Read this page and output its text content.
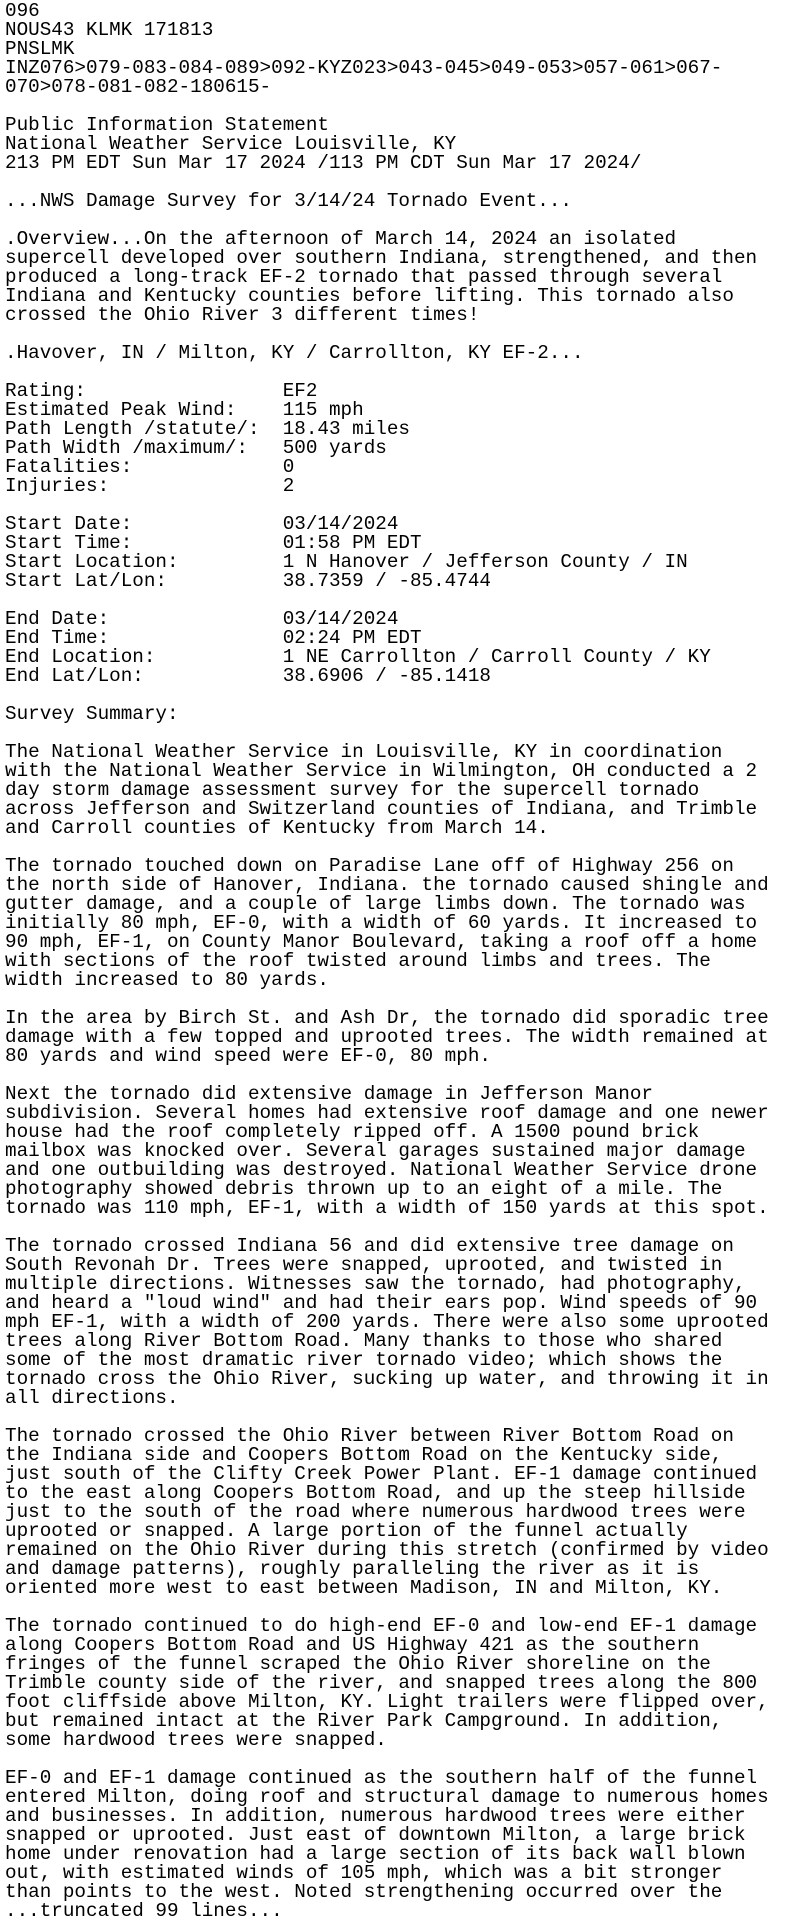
096
NOUS43 KLMK 171813
PNSLMK
INZ076>079-083-084-089>092-KYZ023>043-045>049-053>057-061>067-
070>078-081-082-180615-
Public Information Statement
National Weather Service Louisville, KY
213 PM EDT Sun Mar 17 2024 /113 PM CDT Sun Mar 17 2024/
...NWS Damage Survey for 3/14/24 Tornado Event...
.Overview...On the afternoon of March 14, 2024 an isolated
supercell developed over southern Indiana, strengthened, and then
produced a long-track EF-2 tornado that passed through several
Indiana and Kentucky counties before lifting. This tornado also
crossed the Ohio River 3 different times!
.Havover, IN / Milton, KY / Carrollton, KY EF-2...
Rating:                 EF2
Estimated Peak Wind:    115 mph
Path Length /statute/:  18.43 miles
Path Width /maximum/:   500 yards
Fatalities:             0
Injuries:               2
Start Date:             03/14/2024
Start Time:             01:58 PM EDT
Start Location:         1 N Hanover / Jefferson County / IN
Start Lat/Lon:          38.7359 / -85.4744
End Date:               03/14/2024
End Time:               02:24 PM EDT
End Location:           1 NE Carrollton / Carroll County / KY
End Lat/Lon:            38.6906 / -85.1418
Survey Summary:
The National Weather Service in Louisville, KY in coordination
with the National Weather Service in Wilmington, OH conducted a 2
day storm damage assessment survey for the supercell tornado
across Jefferson and Switzerland counties of Indiana, and Trimble
and Carroll counties of Kentucky from March 14.
The tornado touched down on Paradise Lane off of Highway 256 on
the north side of Hanover, Indiana. the tornado caused shingle and
gutter damage, and a couple of large limbs down. The tornado was
initially 80 mph, EF-0, with a width of 60 yards. It increased to
90 mph, EF-1, on County Manor Boulevard, taking a roof off a home
with sections of the roof twisted around limbs and trees. The
width increased to 80 yards.
In the area by Birch St. and Ash Dr, the tornado did sporadic tree
damage with a few topped and uprooted trees. The width remained at
80 yards and wind speed were EF-0, 80 mph.
Next the tornado did extensive damage in Jefferson Manor
subdivision. Several homes had extensive roof damage and one newer
house had the roof completely ripped off. A 1500 pound brick
mailbox was knocked over. Several garages sustained major damage
and one outbuilding was destroyed. National Weather Service drone
photography showed debris thrown up to an eight of a mile. The
tornado was 110 mph, EF-1, with a width of 150 yards at this spot.
The tornado crossed Indiana 56 and did extensive tree damage on
South Revonah Dr. Trees were snapped, uprooted, and twisted in
multiple directions. Witnesses saw the tornado, had photography,
and heard a "loud wind" and had their ears pop. Wind speeds of 90
mph EF-1, with a width of 200 yards. There were also some uprooted
trees along River Bottom Road. Many thanks to those who shared
some of the most dramatic river tornado video; which shows the
tornado cross the Ohio River, sucking up water, and throwing it in
all directions.
The tornado crossed the Ohio River between River Bottom Road on
the Indiana side and Coopers Bottom Road on the Kentucky side,
just south of the Clifty Creek Power Plant. EF-1 damage continued
to the east along Coopers Bottom Road, and up the steep hillside
just to the south of the road where numerous hardwood trees were
uprooted or snapped. A large portion of the funnel actually
remained on the Ohio River during this stretch (confirmed by video
and damage patterns), roughly paralleling the river as it is
oriented more west to east between Madison, IN and Milton, KY.
The tornado continued to do high-end EF-0 and low-end EF-1 damage
along Coopers Bottom Road and US Highway 421 as the southern
fringes of the funnel scraped the Ohio River shoreline on the
Trimble county side of the river, and snapped trees along the 800
foot cliffside above Milton, KY. Light trailers were flipped over,
but remained intact at the River Park Campground. In addition,
some hardwood trees were snapped.
EF-0 and EF-1 damage continued as the southern half of the funnel
entered Milton, doing roof and structural damage to numerous homes
and businesses. In addition, numerous hardwood trees were either
snapped or uprooted. Just east of downtown Milton, a large brick
home under renovation had a large section of its back wall blown
out, with estimated winds of 105 mph, which was a bit stronger
than points to the west. Noted strengthening occurred over the
...truncated 99 lines...
